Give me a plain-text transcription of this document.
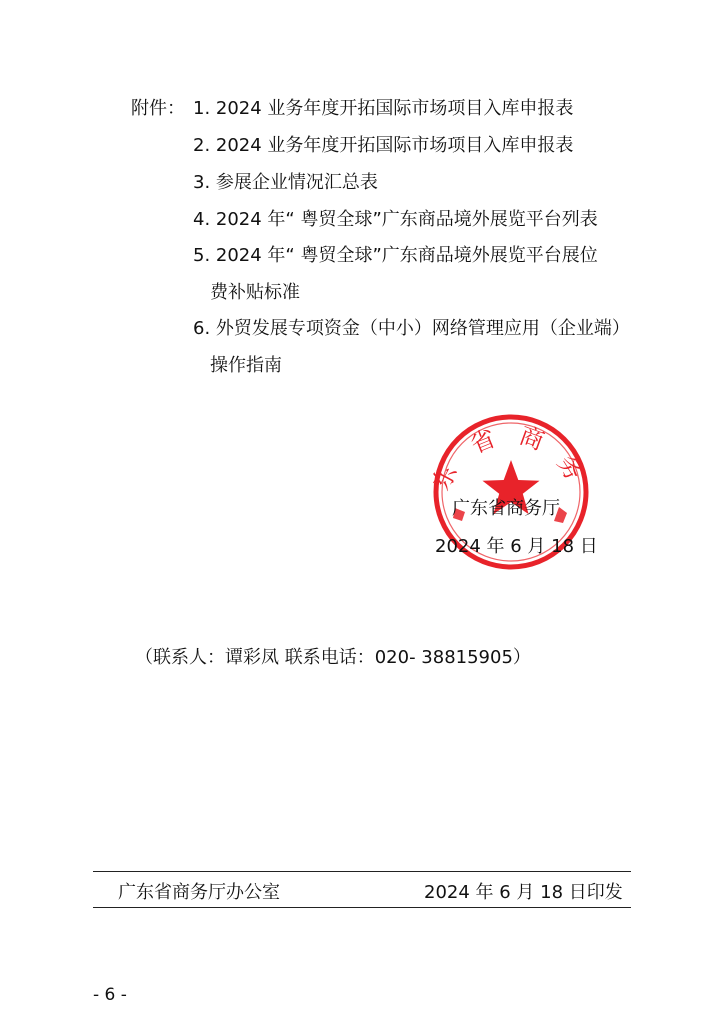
附件： 1. 2024 业务年度开拓国际市场项目入库申报表
2. 2024 业务年度开拓国际市场项目入库申报表
3. 参展企业情况汇总表
4. 2024 年“ 粤贸全球”广东商品境外展览平台列表
5. 2024 年“ 粤贸全球”广东商品境外展览平台展位
费补贴标准
6. 外贸发展专项资金（中小）网络管理应用（企业端）
操作指南
东
省 商
务
广东省商务厅
2024 年 6 月 18 日
（联系人：谭彩凤 联系电话：020- 38815905）
广东省商务厅办公室	2024 年 6 月 18 日印发
- 6 -
